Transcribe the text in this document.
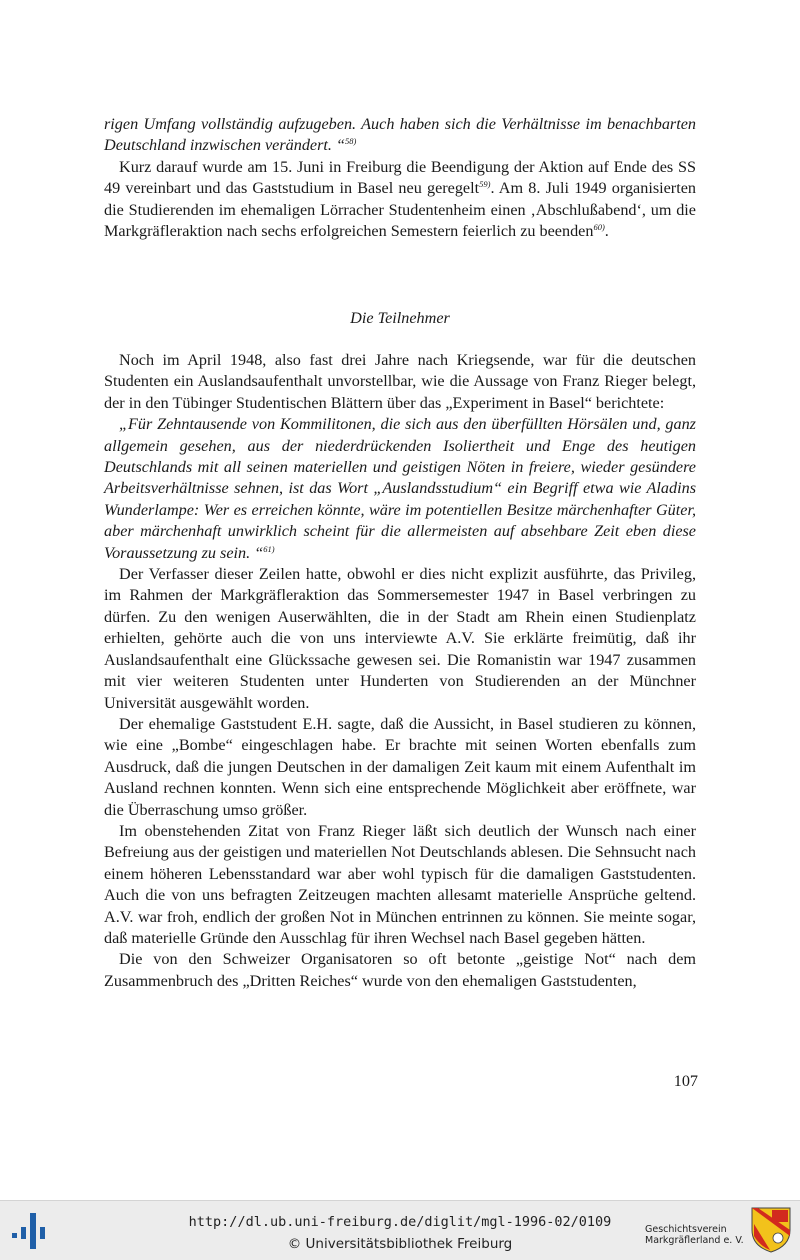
rigen Umfang vollständig aufzugeben. Auch haben sich die Verhältnisse im benachbarten Deutschland inzwischen verändert. “$^{58)}$

Kurz darauf wurde am 15. Juni in Freiburg die Beendigung der Aktion auf Ende des SS 49 vereinbart und das Gaststudium in Basel neu geregelt$^{59)}$. Am 8. Juli 1949 organisierten die Studierenden im ehemaligen Lörracher Studentenheim einen ‚Abschlußabend‘, um die Markgräfleraktion nach sechs erfolgreichen Semestern feierlich zu beenden$^{60)}$.

Die Teilnehmer

Noch im April 1948, also fast drei Jahre nach Kriegsende, war für die deutschen Studenten ein Auslandsaufenthalt unvorstellbar, wie die Aussage von Franz Rieger belegt, der in den Tübinger Studentischen Blättern über das „Experiment in Basel“ berichtete:

„Für Zehntausende von Kommilitonen, die sich aus den überfüllten Hörsälen und, ganz allgemein gesehen, aus der niederdrückenden Isoliertheit und Enge des heutigen Deutschlands mit all seinen materiellen und geistigen Nöten in freiere, wieder gesündere Arbeitsverhältnisse sehnen, ist das Wort „Auslandsstudium“ ein Begriff etwa wie Aladins Wunderlampe: Wer es erreichen könnte, wäre im potentiellen Besitze märchenhafter Güter, aber märchenhaft unwirklich scheint für die allermeisten auf absehbare Zeit eben diese Voraussetzung zu sein. “$^{61)}$

Der Verfasser dieser Zeilen hatte, obwohl er dies nicht explizit ausführte, das Privileg, im Rahmen der Markgräfleraktion das Sommersemester 1947 in Basel verbringen zu dürfen. Zu den wenigen Auserwählten, die in der Stadt am Rhein einen Studienplatz erhielten, gehörte auch die von uns interviewte A.V. Sie erklärte freimütig, daß ihr Auslandsaufenthalt eine Glückssache gewesen sei. Die Romanistin war 1947 zusammen mit vier weiteren Studenten unter Hunderten von Studierenden an der Münchner Universität ausgewählt worden.

Der ehemalige Gaststudent E.H. sagte, daß die Aussicht, in Basel studieren zu können, wie eine „Bombe“ eingeschlagen habe. Er brachte mit seinen Worten ebenfalls zum Ausdruck, daß die jungen Deutschen in der damaligen Zeit kaum mit einem Aufenthalt im Ausland rechnen konnten. Wenn sich eine entsprechende Möglichkeit aber eröffnete, war die Überraschung umso größer.

Im obenstehenden Zitat von Franz Rieger läßt sich deutlich der Wunsch nach einer Befreiung aus der geistigen und materiellen Not Deutschlands ablesen. Die Sehnsucht nach einem höheren Lebensstandard war aber wohl typisch für die damaligen Gaststudenten. Auch die von uns befragten Zeitzeugen machten allesamt materielle Ansprüche geltend. A.V. war froh, endlich der großen Not in München entrinnen zu können. Sie meinte sogar, daß materielle Gründe den Ausschlag für ihren Wechsel nach Basel gegeben hätten.

Die von den Schweizer Organisatoren so oft betonte „geistige Not“ nach dem Zusammenbruch des „Dritten Reiches“ wurde von den ehemaligen Gaststudenten,

107
http://dl.ub.uni-freiburg.de/diglit/mgl-1996-02/0109
© Universitätsbibliothek Freiburg
Geschichtsverein
Markgräflerland e. V.
